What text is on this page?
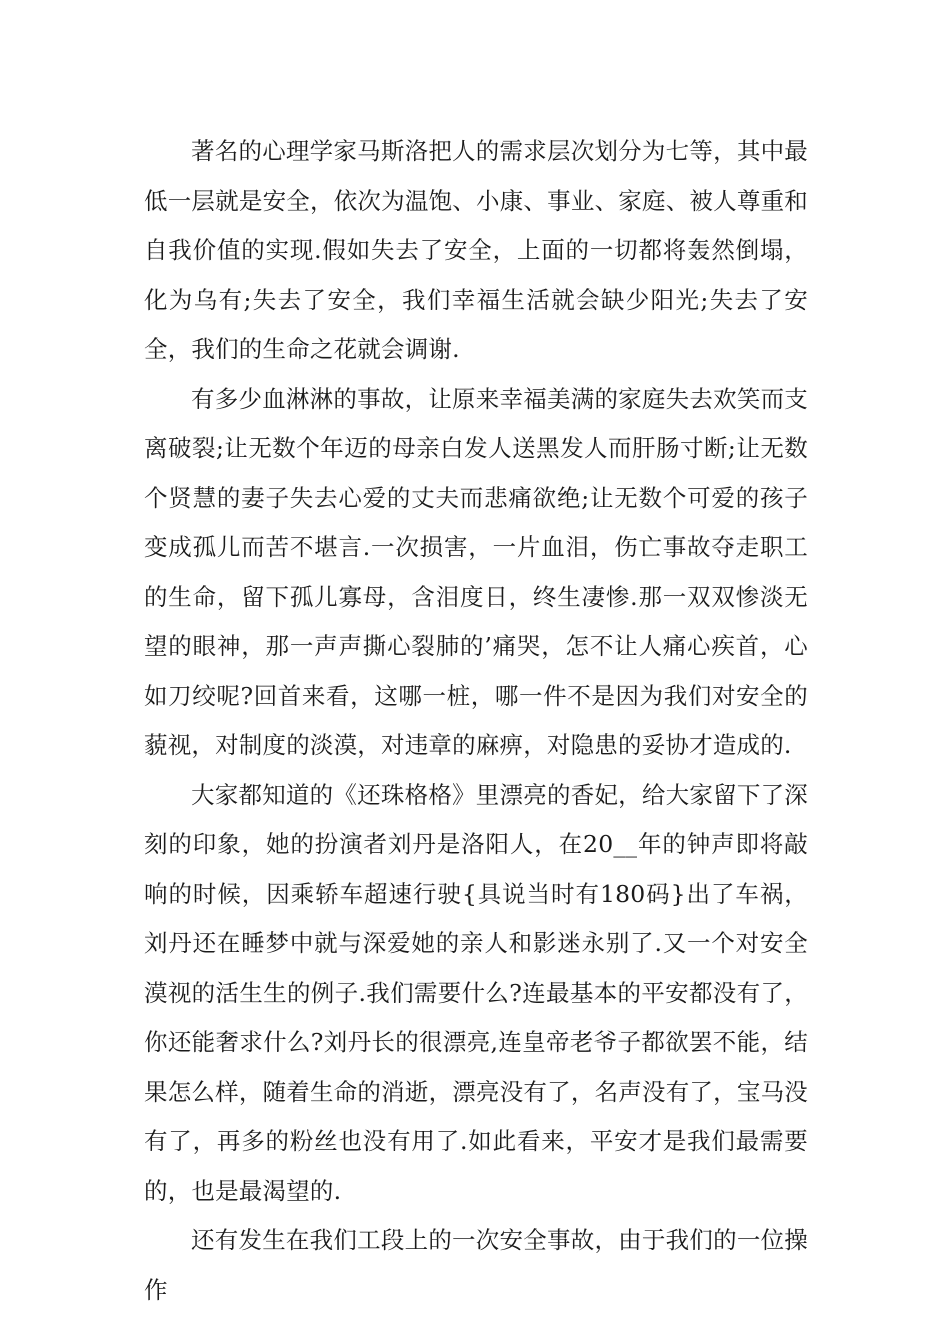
著名的心理学家马斯洛把人的需求层次划分为七等，其中最低一层就是安全，依次为温饱、小康、事业、家庭、被人尊重和自我价值的实现.假如失去了安全，上面的一切都将轰然倒塌，化为乌有;失去了安全，我们幸福生活就会缺少阳光;失去了安全，我们的生命之花就会调谢.

有多少血淋淋的事故，让原来幸福美满的家庭失去欢笑而支离破裂;让无数个年迈的母亲白发人送黑发人而肝肠寸断;让无数个贤慧的妻子失去心爱的丈夫而悲痛欲绝;让无数个可爱的孩子变成孤儿而苦不堪言.一次损害，一片血泪，伤亡事故夺走职工的生命，留下孤儿寡母，含泪度日，终生凄惨.那一双双惨淡无望的眼神，那一声声撕心裂肺的’痛哭，怎不让人痛心疾首，心如刀绞呢?回首来看，这哪一桩，哪一件不是因为我们对安全的藐视，对制度的淡漠，对违章的麻痹，对隐患的妥协才造成的.

大家都知道的《还珠格格》里漂亮的香妃，给大家留下了深刻的印象，她的扮演者刘丹是洛阳人，在20__年的钟声即将敲响的时候，因乘轿车超速行驶{具说当时有180码}出了车祸，刘丹还在睡梦中就与深爱她的亲人和影迷永别了.又一个对安全漠视的活生生的例子.我们需要什么?连最基本的平安都没有了，你还能奢求什么?刘丹长的很漂亮,连皇帝老爷子都欲罢不能，结果怎么样，随着生命的消逝，漂亮没有了，名声没有了，宝马没有了，再多的粉丝也没有用了.如此看来，平安才是我们最需要的，也是最渴望的.

还有发生在我们工段上的一次安全事故，由于我们的一位操作
